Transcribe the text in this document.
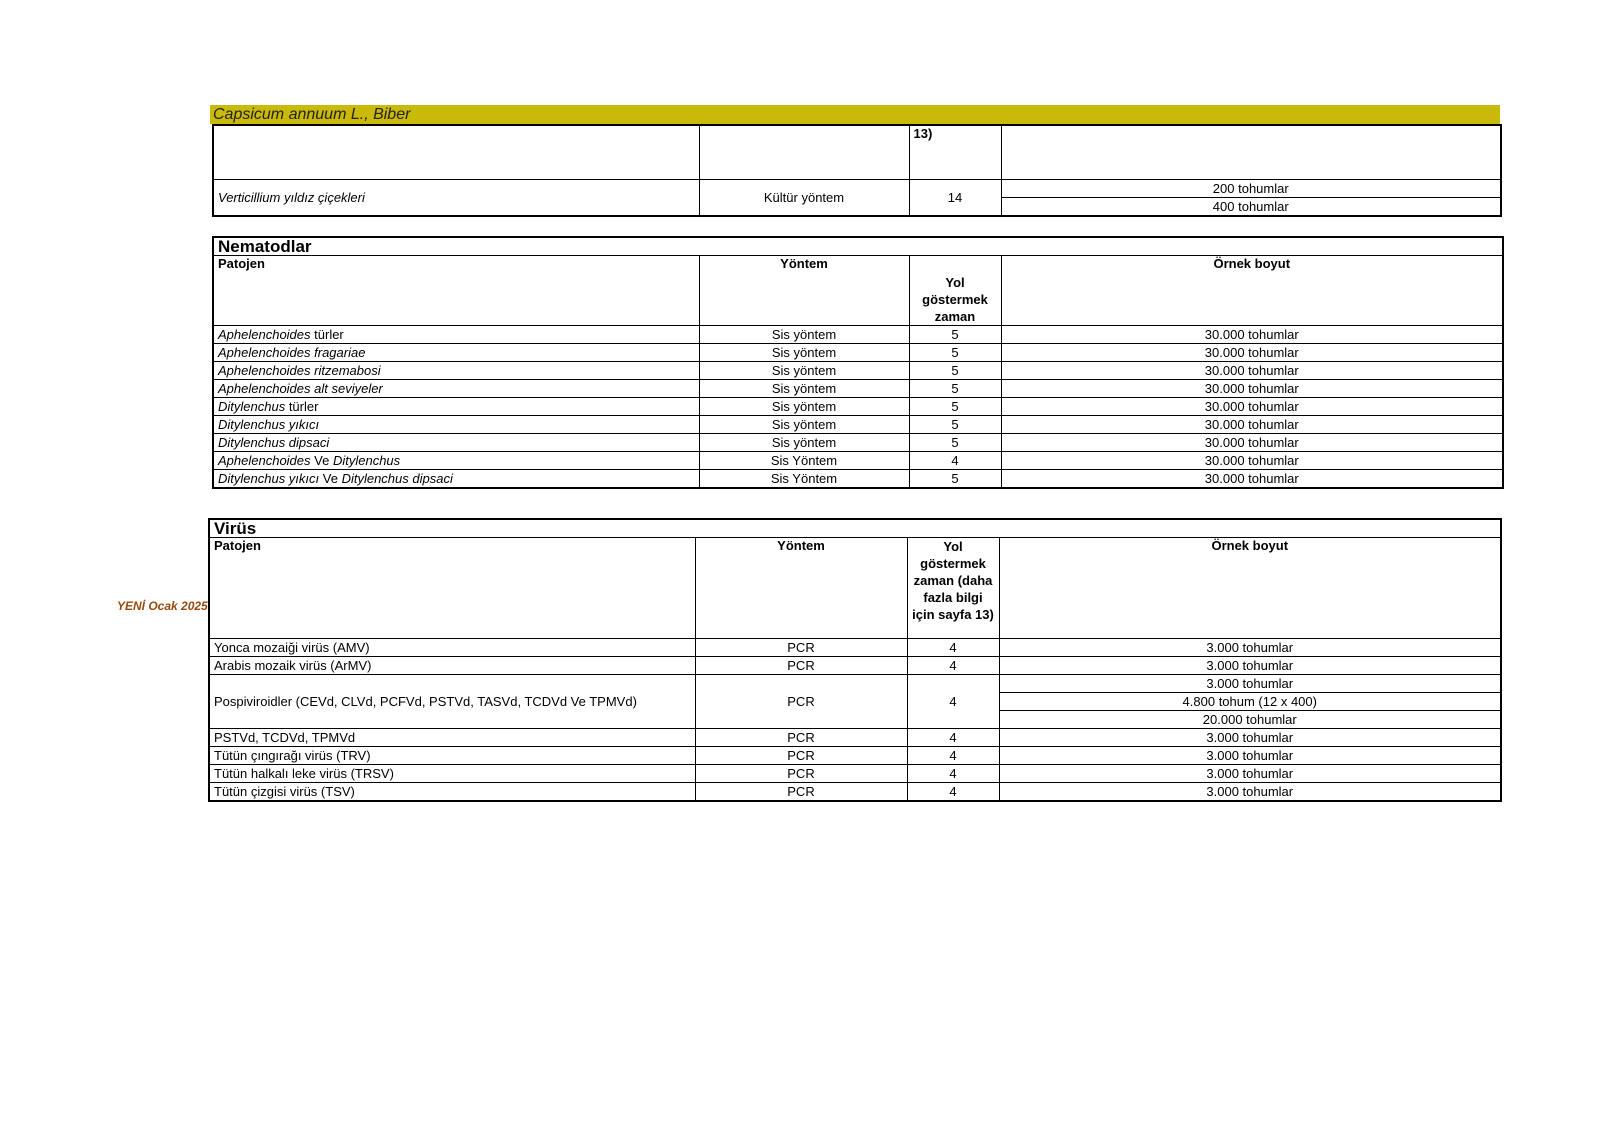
Capsicum annuum L., Biber
YENİ Ocak 2025
		13)	
Verticillium yıldız çiçekleri	Kültür yöntem	14	200 tohumlar
			400 tohumlar
Nematodlar			
Patojen	Yöntem	Yol göstermek zaman	Örnek boyut
Aphelenchoides türler	Sis yöntem	5	30.000 tohumlar
Aphelenchoides fragariae	Sis yöntem	5	30.000 tohumlar
Aphelenchoides ritzemabosi	Sis yöntem	5	30.000 tohumlar
Aphelenchoides alt seviyeler	Sis yöntem	5	30.000 tohumlar
Ditylenchus türler	Sis yöntem	5	30.000 tohumlar
Ditylenchus yıkıcı	Sis yöntem	5	30.000 tohumlar
Ditylenchus dipsaci	Sis yöntem	5	30.000 tohumlar
Aphelenchoides Ve Ditylenchus	Sis Yöntem	4	30.000 tohumlar
Ditylenchus yıkıcı Ve Ditylenchus dipsaci	Sis Yöntem	5	30.000 tohumlar
Virüs			
Patojen	Yöntem	Yol göstermek zaman (daha fazla bilgi için sayfa 13)	Örnek boyut
Yonca mozaiği virüs (AMV)	PCR	4	3.000 tohumlar
Arabis mozaik virüs (ArMV)	PCR	4	3.000 tohumlar
Pospiviroidler (CEVd, CLVd, PCFVd, PSTVd, TASVd, TCDVd Ve TPMVd)	PCR	4	3.000 tohumlar
			4.800 tohum (12 x 400)
			20.000 tohumlar
PSTVd, TCDVd, TPMVd	PCR	4	3.000 tohumlar
Tütün çıngırağı virüs (TRV)	PCR	4	3.000 tohumlar
Tütün halkalı leke virüs (TRSV)	PCR	4	3.000 tohumlar
Tütün çizgisi virüs (TSV)	PCR	4	3.000 tohumlar
